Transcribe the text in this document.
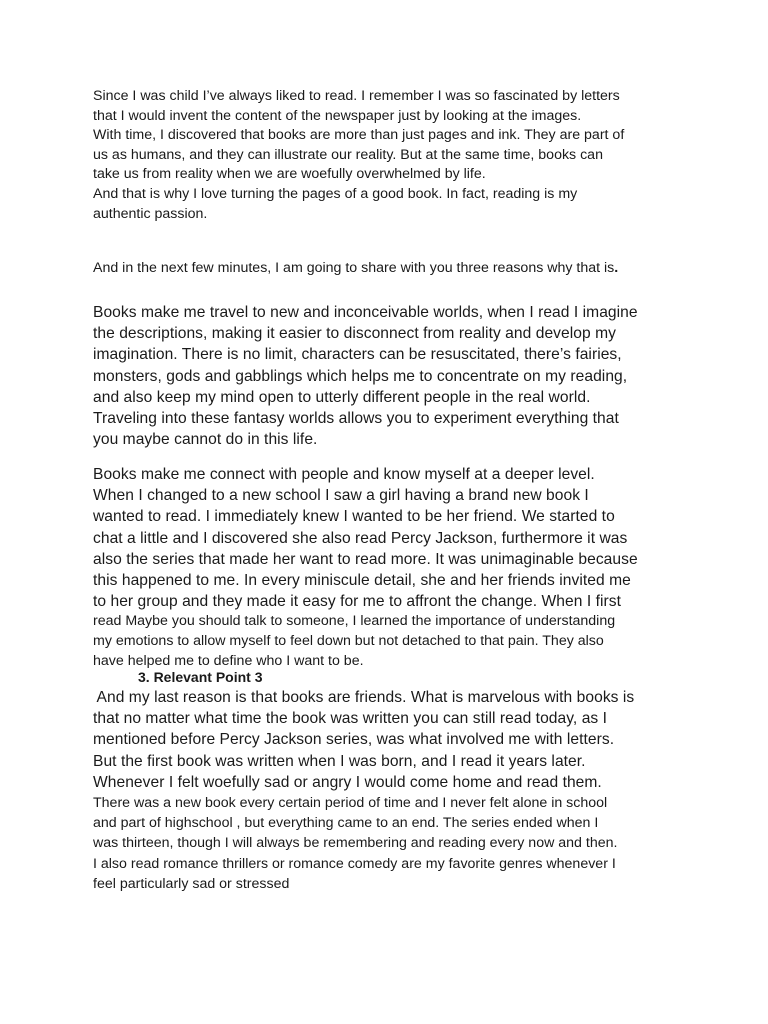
Since I was child I’ve always liked to read. I remember I was so fascinated by letters
that I would invent the content of the newspaper just by looking at the images.
With time, I discovered that books are more than just pages and ink. They are part of
us as humans, and they can illustrate our reality. But at the same time, books can
take us from reality when we are woefully overwhelmed by life.
And that is why I love turning the pages of a good book. In fact, reading is my
authentic passion.

And in the next few minutes, I am going to share with you three reasons why that is.

Books make me travel to new and inconceivable worlds, when I read I imagine
the descriptions, making it easier to disconnect from reality and develop my
imagination. There is no limit, characters can be resuscitated, there’s fairies,
monsters, gods and gabblings which helps me to concentrate on my reading,
and also keep my mind open to utterly different people in the real world.
Traveling into these fantasy worlds allows you to experiment everything that
you maybe cannot do in this life.
Books make me connect with people and know myself at a deeper level.
When I changed to a new school I saw a girl having a brand new book I
wanted to read. I immediately knew I wanted to be her friend. We started to
chat a little and I discovered she also read Percy Jackson, furthermore it was
also the series that made her want to read more. It was unimaginable because
this happened to me. In every miniscule detail, she and her friends invited me
to her group and they made it easy for me to affront the change. When I first
read Maybe you should talk to someone, I learned the importance of understanding
my emotions to allow myself to feel down but not detached to that pain. They also
have helped me to define who I want to be.

3. Relevant Point 3

And my last reason is that books are friends. What is marvelous with books is
that no matter what time the book was written you can still read today, as I
mentioned before Percy Jackson series, was what involved me with letters.
But the first book was written when I was born, and I read it years later.
Whenever I felt woefully sad or angry I would come home and read them.
There was a new book every certain period of time and I never felt alone in school
and part of highschool , but everything came to an end. The series ended when I
was thirteen, though I will always be remembering and reading every now and then.
I also read romance thrillers or romance comedy are my favorite genres whenever I
feel particularly sad or stressed
